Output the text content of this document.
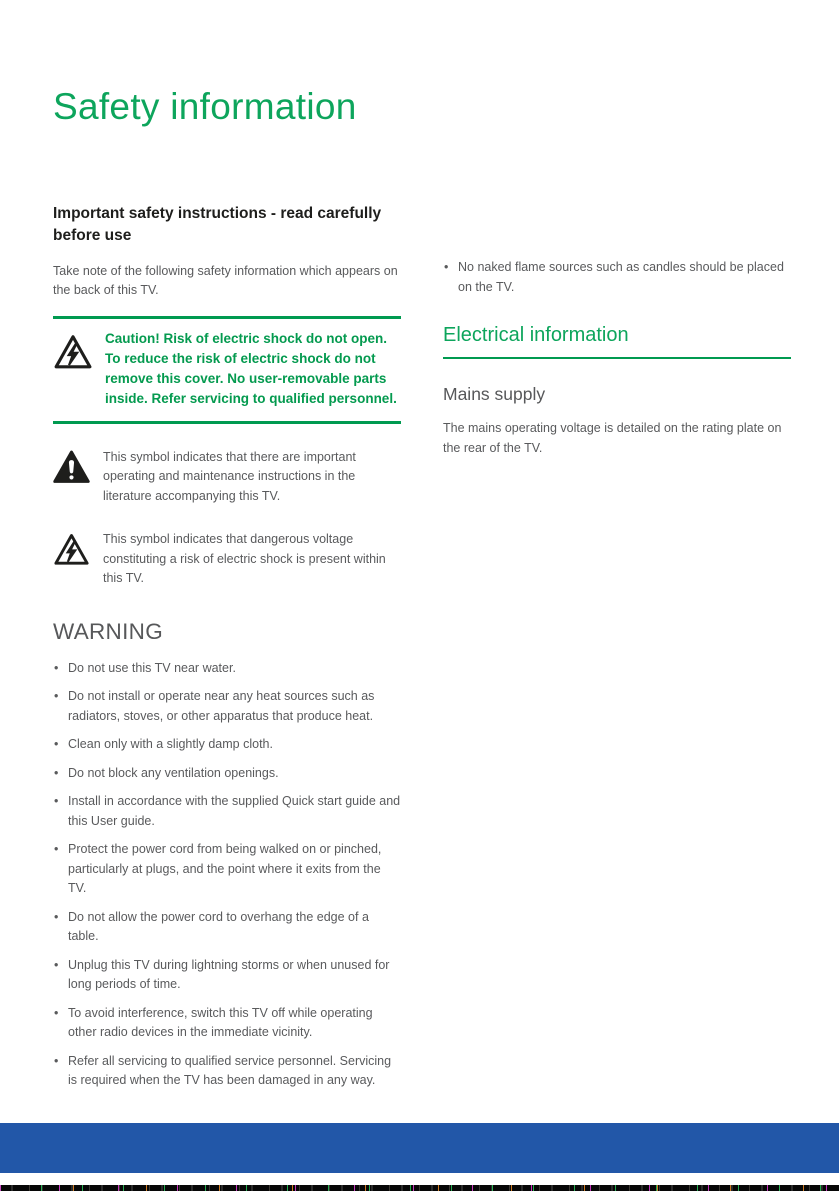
Safety information
Important safety instructions - read carefully before use

Take note of the following safety information which appears on the back of this TV.

Caution! Risk of electric shock do not open. To reduce the risk of electric shock do not remove this cover. No user-removable parts inside. Refer servicing to qualified personnel.
This symbol indicates that there are important operating and maintenance instructions in the literature accompanying this TV.
This symbol indicates that dangerous voltage constituting a risk of electric shock is present within this TV.
WARNING
• Do not use this TV near water.
• Do not install or operate near any heat sources such as radiators, stoves, or other apparatus that produce heat.
• Clean only with a slightly damp cloth.
• Do not block any ventilation openings.
• Install in accordance with the supplied Quick start guide and this User guide.
• Protect the power cord from being walked on or pinched, particularly at plugs, and the point where it exits from the TV.
• Do not allow the power cord to overhang the edge of a table.
• Unplug this TV during lightning storms or when unused for long periods of time.
• To avoid interference, switch this TV off while operating other radio devices in the immediate vicinity.
• Refer all servicing to qualified service personnel. Servicing is required when the TV has been damaged in any way.
• No naked flame sources such as candles should be placed on the TV.
Electrical information
Mains supply

The mains operating voltage is detailed on the rating plate on the rear of the TV.
